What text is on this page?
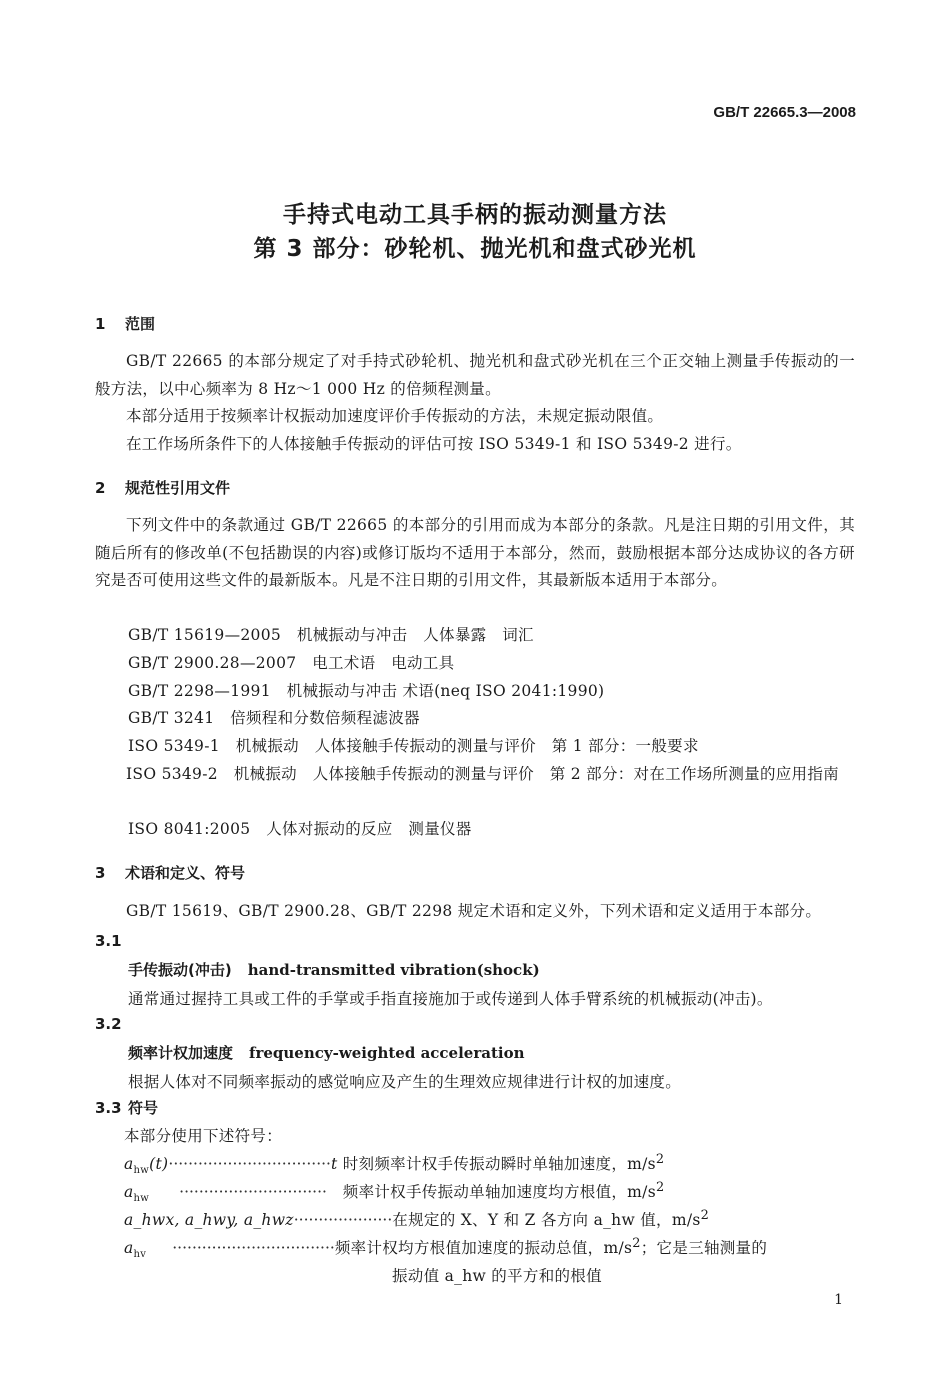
GB/T 22665.3—2008
手持式电动工具手柄的振动测量方法
第 3 部分：砂轮机、抛光机和盘式砂光机
1 范围
GB/T 22665 的本部分规定了对手持式砂轮机、抛光机和盘式砂光机在三个正交轴上测量手传振动的一般方法，以中心频率为 8 Hz～1 000 Hz 的倍频程测量。
本部分适用于按频率计权振动加速度评价手传振动的方法，未规定振动限值。
在工作场所条件下的人体接触手传振动的评估可按 ISO 5349-1 和 ISO 5349-2 进行。
2 规范性引用文件
下列文件中的条款通过 GB/T 22665 的本部分的引用而成为本部分的条款。凡是注日期的引用文件，其随后所有的修改单(不包括勘误的内容)或修订版均不适用于本部分，然而，鼓励根据本部分达成协议的各方研究是否可使用这些文件的最新版本。凡是不注日期的引用文件，其最新版本适用于本部分。
GB/T 15619—2005　机械振动与冲击　人体暴露　词汇
GB/T 2900.28—2007　电工术语　电动工具
GB/T 2298—1991　机械振动与冲击 术语(neq ISO 2041:1990)
GB/T 3241　倍频程和分数倍频程滤波器
ISO 5349-1　机械振动　人体接触手传振动的测量与评价　第 1 部分：一般要求
ISO 5349-2　机械振动　人体接触手传振动的测量与评价　第 2 部分：对在工作场所测量的应用指南
ISO 8041:2005　人体对振动的反应　测量仪器
3 术语和定义、符号
GB/T 15619、GB/T 2900.28、GB/T 2298 规定术语和定义外，下列术语和定义适用于本部分。
3.1
手传振动(冲击) hand-transmitted vibration(shock)
通常通过握持工具或工件的手掌或手指直接施加于或传递到人体手臂系统的机械振动(冲击)。
3.2
频率计权加速度 frequency-weighted acceleration
根据人体对不同频率振动的感觉响应及产生的生理效应规律进行计权的加速度。
3.3 符号
本部分使用下述符号：
$a_{hw}(t)\cdot\cdot\cdot\cdot\cdot\cdot\cdot\cdot\cdot\cdot\cdot\cdot\cdot\cdot\cdot\cdot\cdot\cdot\cdot\cdot\cdot\cdot\cdot\cdot\cdot\cdot\cdot\cdot\cdot\cdot\cdot\cdot\cdot t$ 时刻频率计权手传振动瞬时单轴加速度，$m/s^2$
$a_{hw}$ ······························　频率计权手传振动单轴加速度均方根值，$m/s^2$
a_hwx, a_hwy, a_hwz····················在规定的 X、Y 和 Z 各方向 a_hw 值，$m/s^2$
$a_{hv}$ ·································频率计权均方根值加速度的振动总值，$m/s^2$；它是三轴测量的
振动值 a_hw 的平方和的根值
1
